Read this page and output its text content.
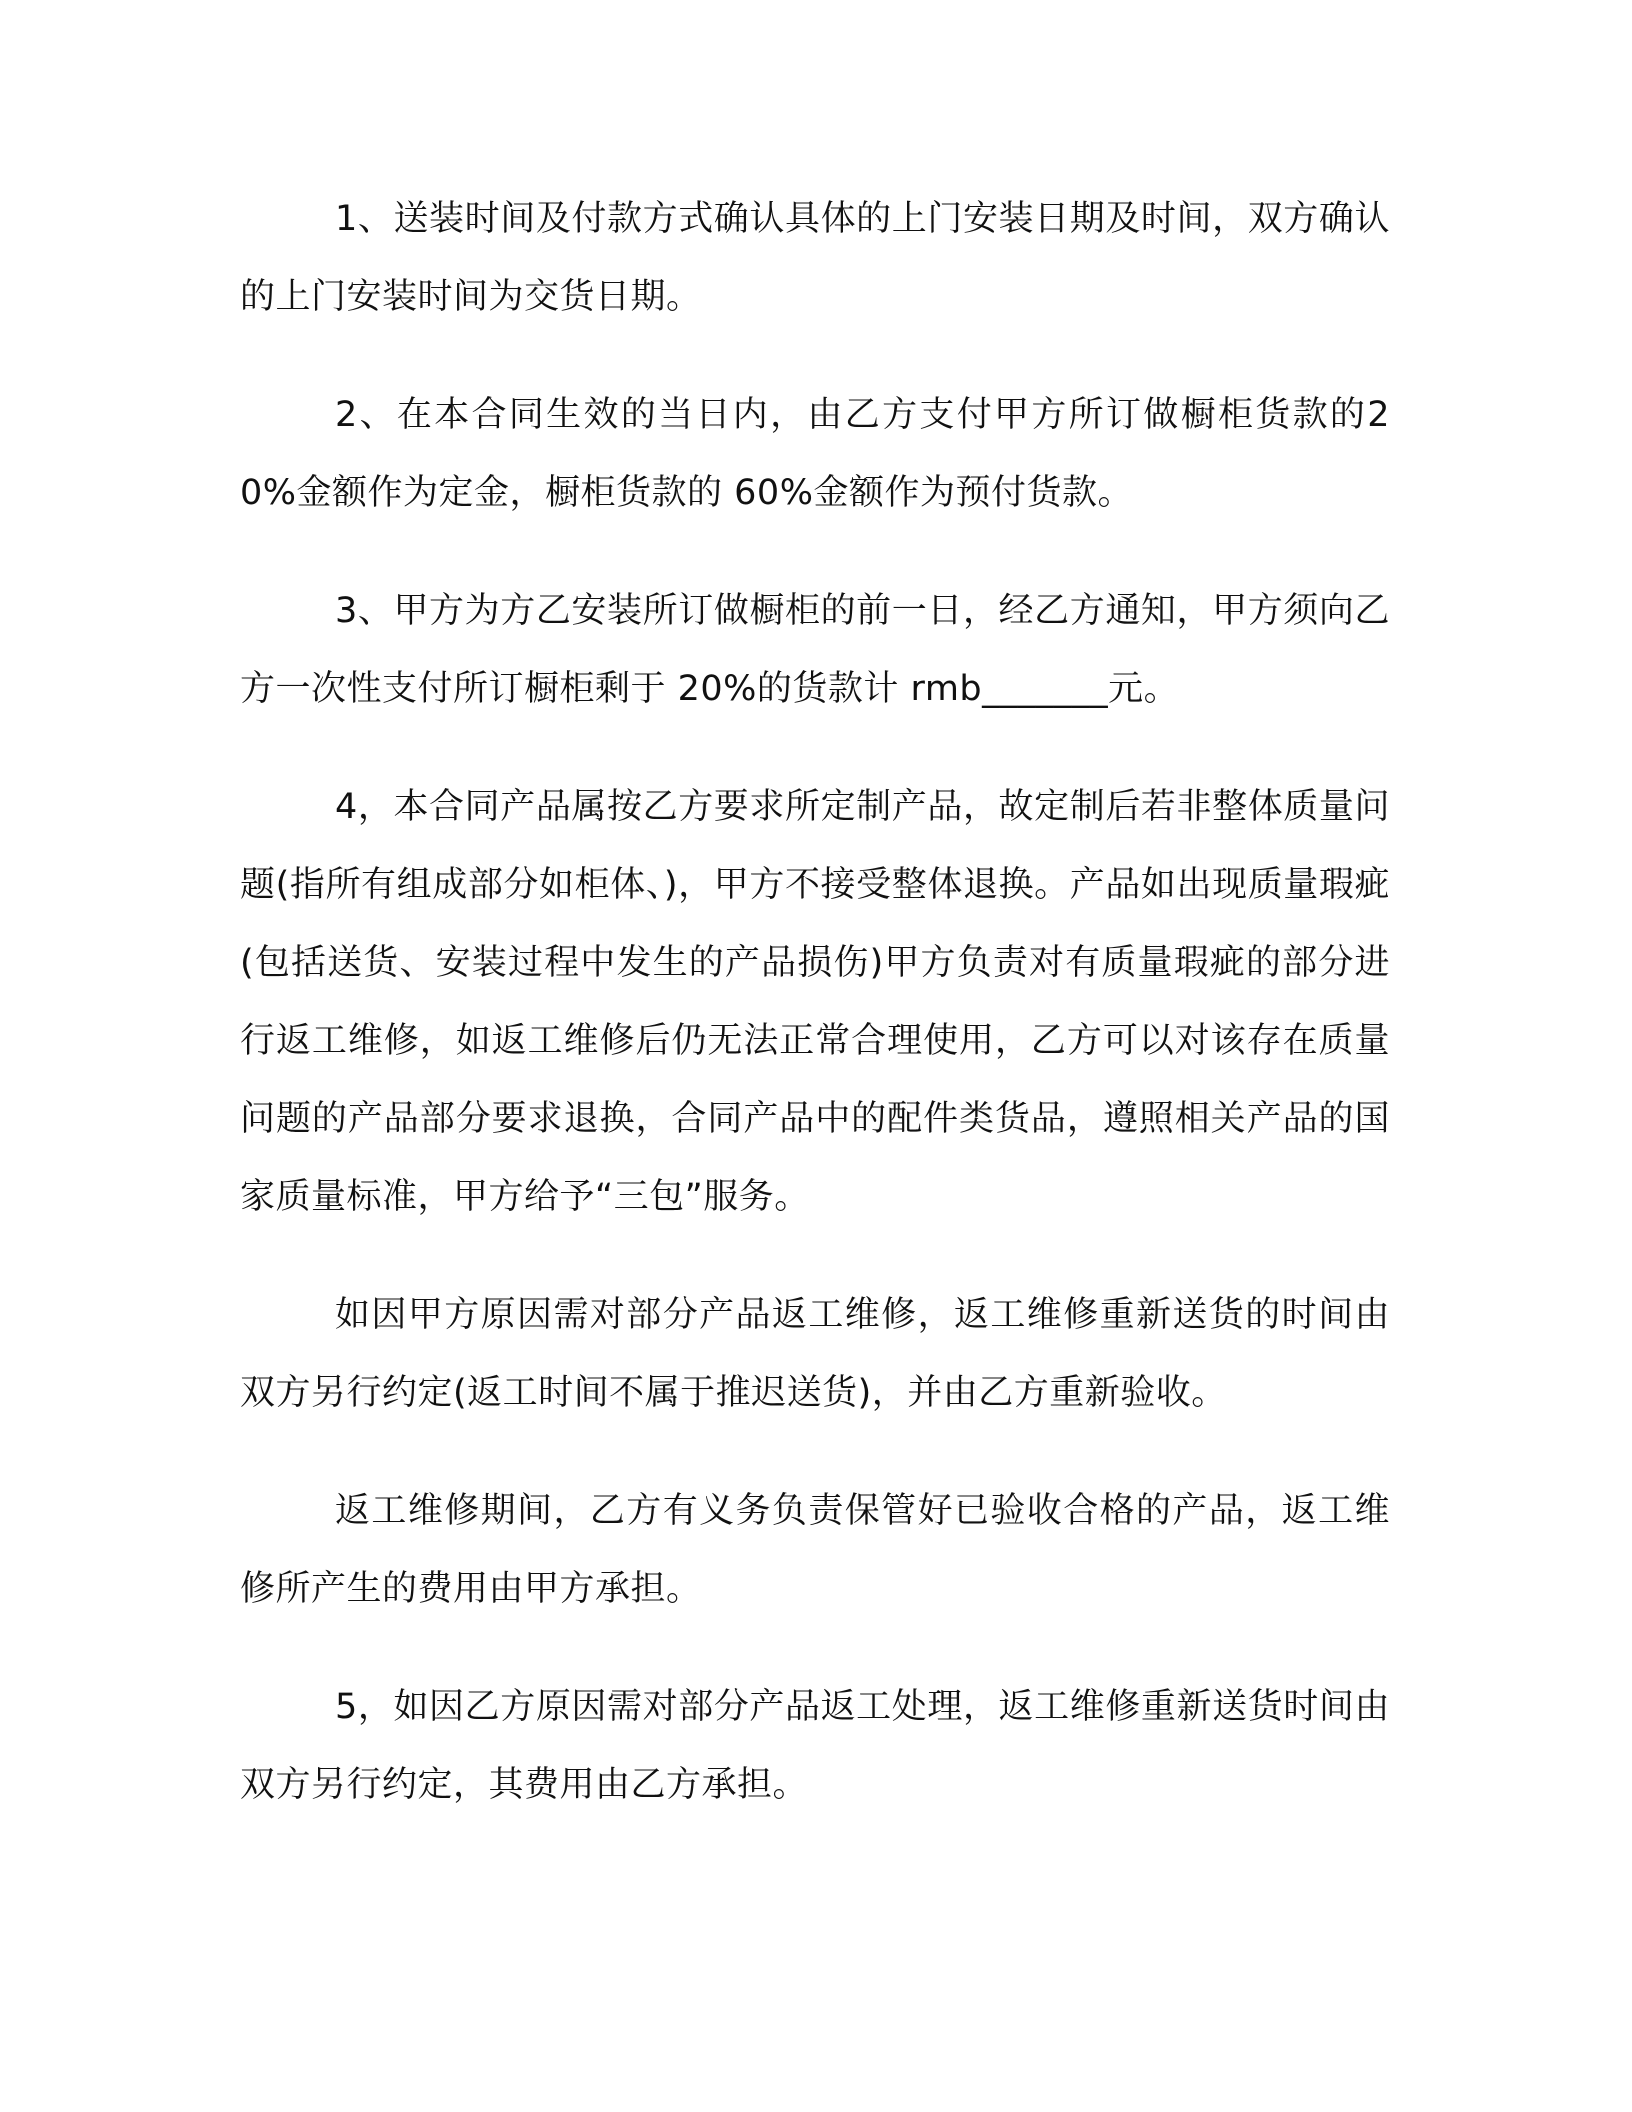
1、送装时间及付款方式确认具体的上门安装日期及时间，双方确认的上门安装时间为交货日期。

2、在本合同生效的当日内，由乙方支付甲方所订做橱柜货款的20%金额作为定金，橱柜货款的 60%金额作为预付货款。

3、甲方为方乙安装所订做橱柜的前一日，经乙方通知，甲方须向乙方一次性支付所订橱柜剩于 20%的货款计 rmb_______元。

4，本合同产品属按乙方要求所定制产品，故定制后若非整体质量问题(指所有组成部分如柜体、)，甲方不接受整体退换。产品如出现质量瑕疵(包括送货、安装过程中发生的产品损伤)甲方负责对有质量瑕疵的部分进行返工维修，如返工维修后仍无法正常合理使用，乙方可以对该存在质量问题的产品部分要求退换，合同产品中的配件类货品，遵照相关产品的国家质量标准，甲方给予“三包”服务。

如因甲方原因需对部分产品返工维修，返工维修重新送货的时间由双方另行约定(返工时间不属于推迟送货)，并由乙方重新验收。

返工维修期间，乙方有义务负责保管好已验收合格的产品，返工维修所产生的费用由甲方承担。

5，如因乙方原因需对部分产品返工处理，返工维修重新送货时间由双方另行约定，其费用由乙方承担。
